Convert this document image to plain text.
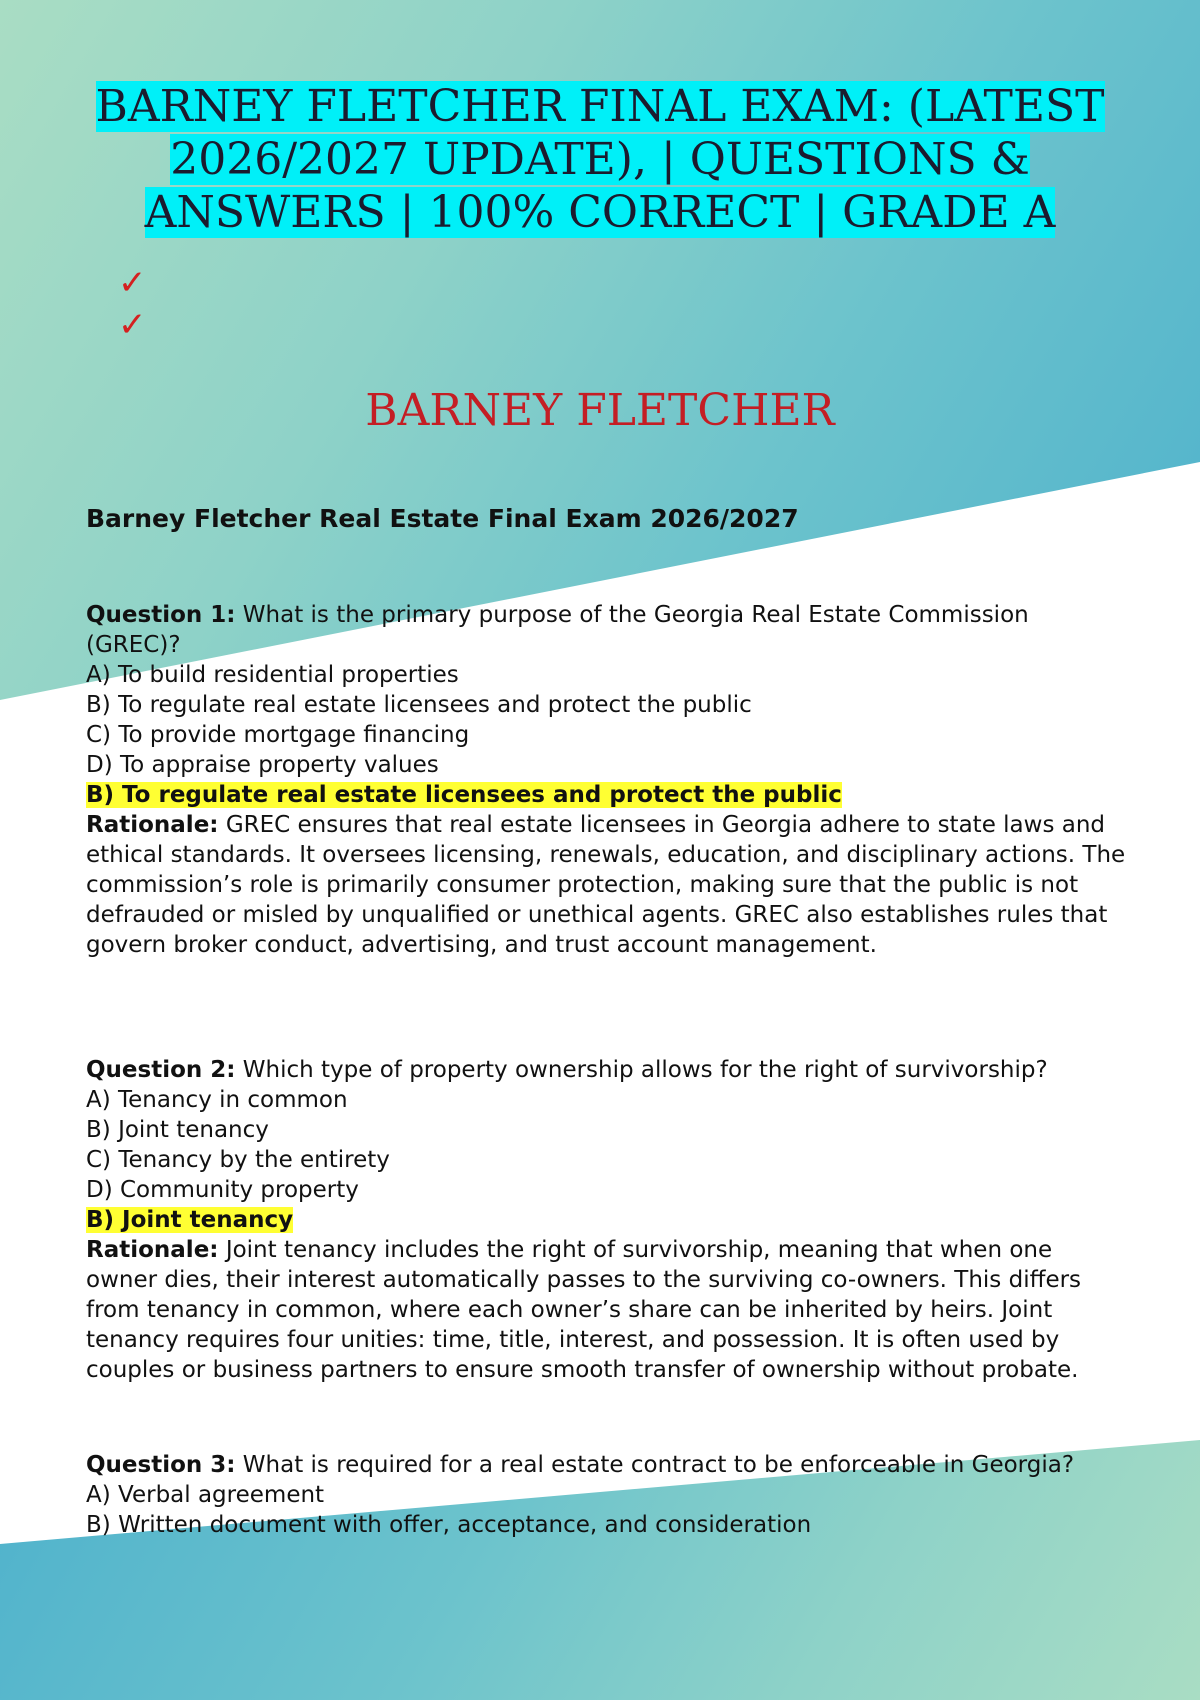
BARNEY FLETCHER FINAL EXAM: (LATEST 2026/2027 UPDATE), | QUESTIONS & ANSWERS | 100% CORRECT | GRADE A
✓
✓
BARNEY FLETCHER
Barney Fletcher Real Estate Final Exam 2026/2027

Question 1: What is the primary purpose of the Georgia Real Estate Commission (GREC)?

A) To build residential properties

B) To regulate real estate licensees and protect the public

C) To provide mortgage financing

D) To appraise property values

B) To regulate real estate licensees and protect the public

Rationale: GREC ensures that real estate licensees in Georgia adhere to state laws and ethical standards. It oversees licensing, renewals, education, and disciplinary actions. The commission’s role is primarily consumer protection, making sure that the public is not defrauded or misled by unqualified or unethical agents. GREC also establishes rules that govern broker conduct, advertising, and trust account management.

Question 2: Which type of property ownership allows for the right of survivorship?

A) Tenancy in common

B) Joint tenancy

C) Tenancy by the entirety

D) Community property

B) Joint tenancy

Rationale: Joint tenancy includes the right of survivorship, meaning that when one owner dies, their interest automatically passes to the surviving co-owners. This differs from tenancy in common, where each owner’s share can be inherited by heirs. Joint tenancy requires four unities: time, title, interest, and possession. It is often used by couples or business partners to ensure smooth transfer of ownership without probate.

Question 3: What is required for a real estate contract to be enforceable in Georgia?

A) Verbal agreement

B) Written document with offer, acceptance, and consideration
